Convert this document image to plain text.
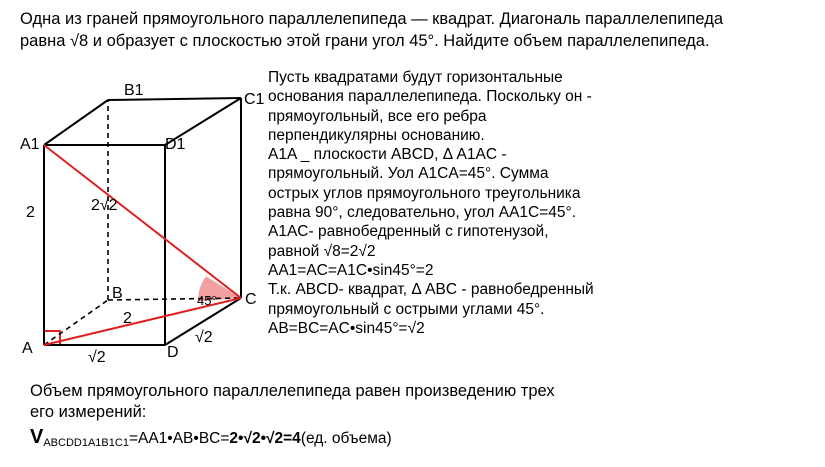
Одна из граней прямоугольного параллелепипеда — квадрат. Диагональ параллелепипеда
равна √8 и образует с плоскостью этой грани угол 45°. Найдите объем параллелепипеда.
A
B	C
D
A1
B1
C1
D1
2	2√2
2
√2
√2
45°
Пусть квадратами будут горизонтальные
основания параллелепипеда. Поскольку он -
прямоугольный, все его ребра
перпендикулярны основанию.
A1A _ плоскости ABCD, Δ A1AC -
прямоугольный. Уол A1CA=45°. Сумма
острых углов прямоугольного треугольника
равна 90°, следовательно, угол AA1C=45°.
A1AC- равнобедренный с гипотенузой,
равной √8=2√2
AA1=AC=A1C•sin45°=2
Т.к. ABCD- квадрат, Δ ABC - равнобедренный
прямоугольный с острыми углами 45°.
AB=BC=AC•sin45°=√2
Объем прямоугольного параллелепипеда равен произведению трех
его измерений:
$V_{ABCDD1A1B1C1}=AA1•AB•BC=2•√2•√2=4(ед$. объема)
